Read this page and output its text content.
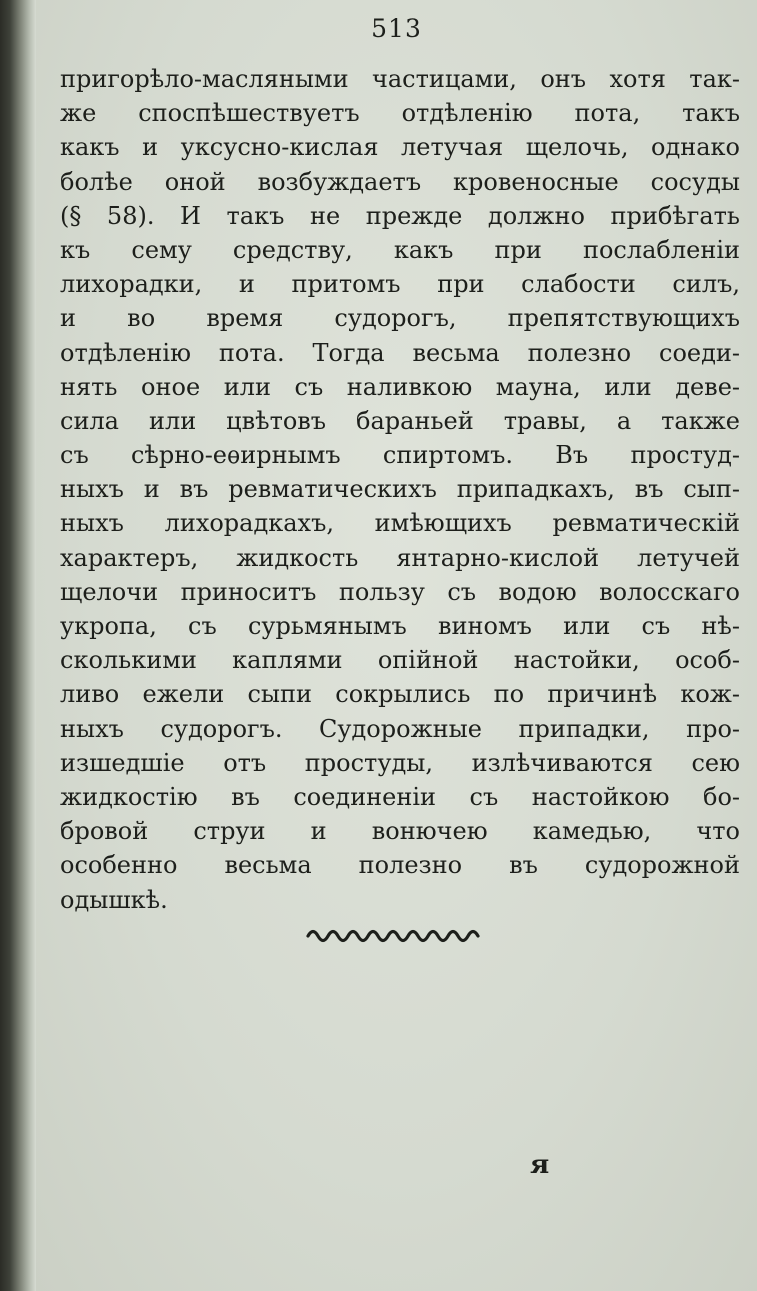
513
пригорѣло-масляными частицами, онъ хотя так-
же споспѣшествуетъ отдѣленію пота, такъ
какъ и уксусно-кислая летучая щелочь, однако
болѣе оной возбуждаетъ кровеносные сосуды
(§ 58). И такъ не прежде должно прибѣгать
къ сему средству, какъ при послабленіи
лихорадки, и притомъ при слабости силъ,
и во время судорогъ, препятствующихъ
отдѣленію пота. Тогда весьма полезно соеди-
нять оное или съ наливкою мауна, или деве-
сила или цвѣтовъ бараньей травы, а также
съ сѣрно-еѳирнымъ спиртомъ. Въ простуд-
ныхъ и въ ревматическихъ припадкахъ, въ сып-
ныхъ лихорадкахъ, имѣющихъ ревматическій
характеръ, жидкость янтарно-кислой летучей
щелочи приноситъ пользу съ водою волосскаго
укропа, съ сурьмянымъ виномъ или съ нѣ-
сколькими каплями опійной настойки, особ-
ливо ежели сыпи сокрылись по причинѣ кож-
ныхъ судорогъ. Судорожные припадки, про-
изшедшіе отъ простуды, излѣчиваются сею
жидкостію въ соединеніи съ настойкою бо-
бровой струи и вонючею камедью, что
особенно весьма полезно въ судорожной
одышкѣ.
я
